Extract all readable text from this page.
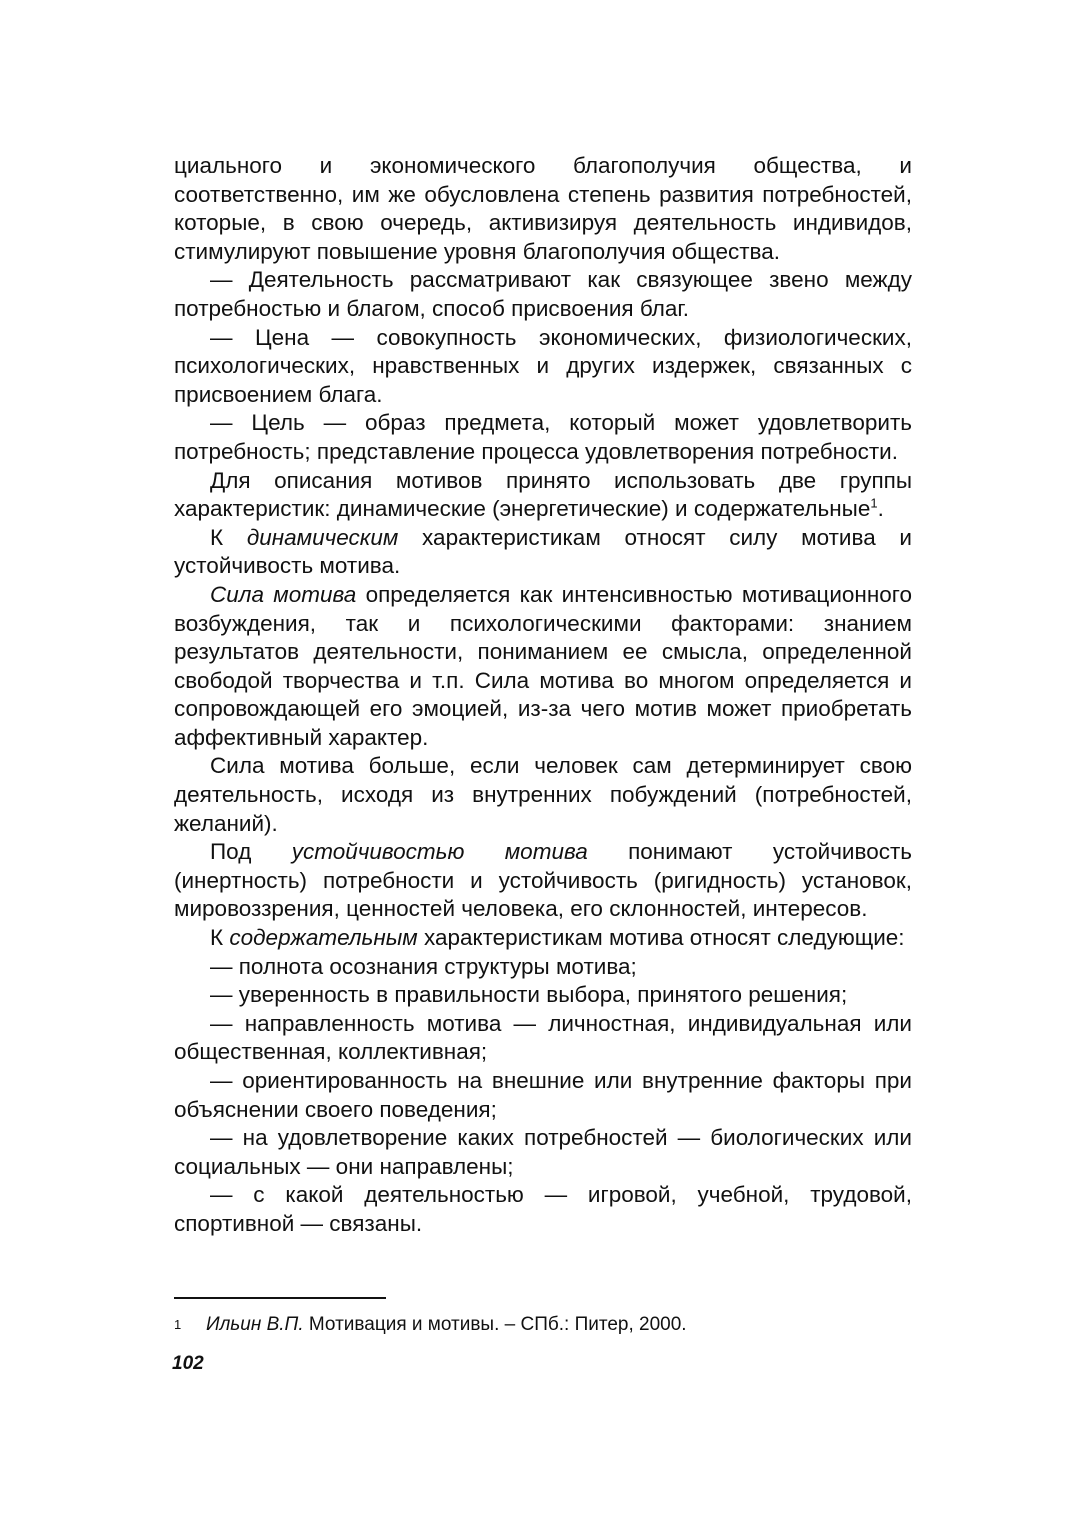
циального и экономического благополучия общества, и соответственно, им же обусловлена степень развития потребностей, которые, в свою очередь, активизируя деятельность индивидов, стимулируют повышение уровня благополучия общества.

— Деятельность рассматривают как связующее звено между потребностью и благом, способ присвоения благ.

— Цена — совокупность экономических, физиологических, психологических, нравственных и других издержек, связанных с присвоением блага.

— Цель — образ предмета, который может удовлетворить потребность; представление процесса удовлетворения потребности.

Для описания мотивов принято использовать две группы характеристик: динамические (энергетические) и содержательные$^1$.

К динамическим характеристикам относят силу мотива и устойчивость мотива.

Сила мотива определяется как интенсивностью мотивационного возбуждения, так и психологическими факторами: знанием результатов деятельности, пониманием ее смысла, определенной свободой творчества и т.п. Сила мотива во многом определяется и сопровождающей его эмоцией, из-за чего мотив может приобретать аффективный характер.

Сила мотива больше, если человек сам детерминирует свою деятельность, исходя из внутренних побуждений (потребностей, желаний).

Под устойчивостью мотива понимают устойчивость (инертность) потребности и устойчивость (ригидность) установок, мировоззрения, ценностей человека, его склонностей, интересов.

К содержательным характеристикам мотива относят следующие:

— полнота осознания структуры мотива;

— уверенность в правильности выбора, принятого решения;

— направленность мотива — личностная, индивидуальная или общественная, коллективная;

— ориентированность на внешние или внутренние факторы при объяснении своего поведения;

— на удовлетворение каких потребностей — биологических или социальных — они направлены;

— с какой деятельностью — игровой, учебной, трудовой, спортивной — связаны.

1 Ильин В.П. Мотивация и мотивы. – СПб.: Питер, 2000.
102
